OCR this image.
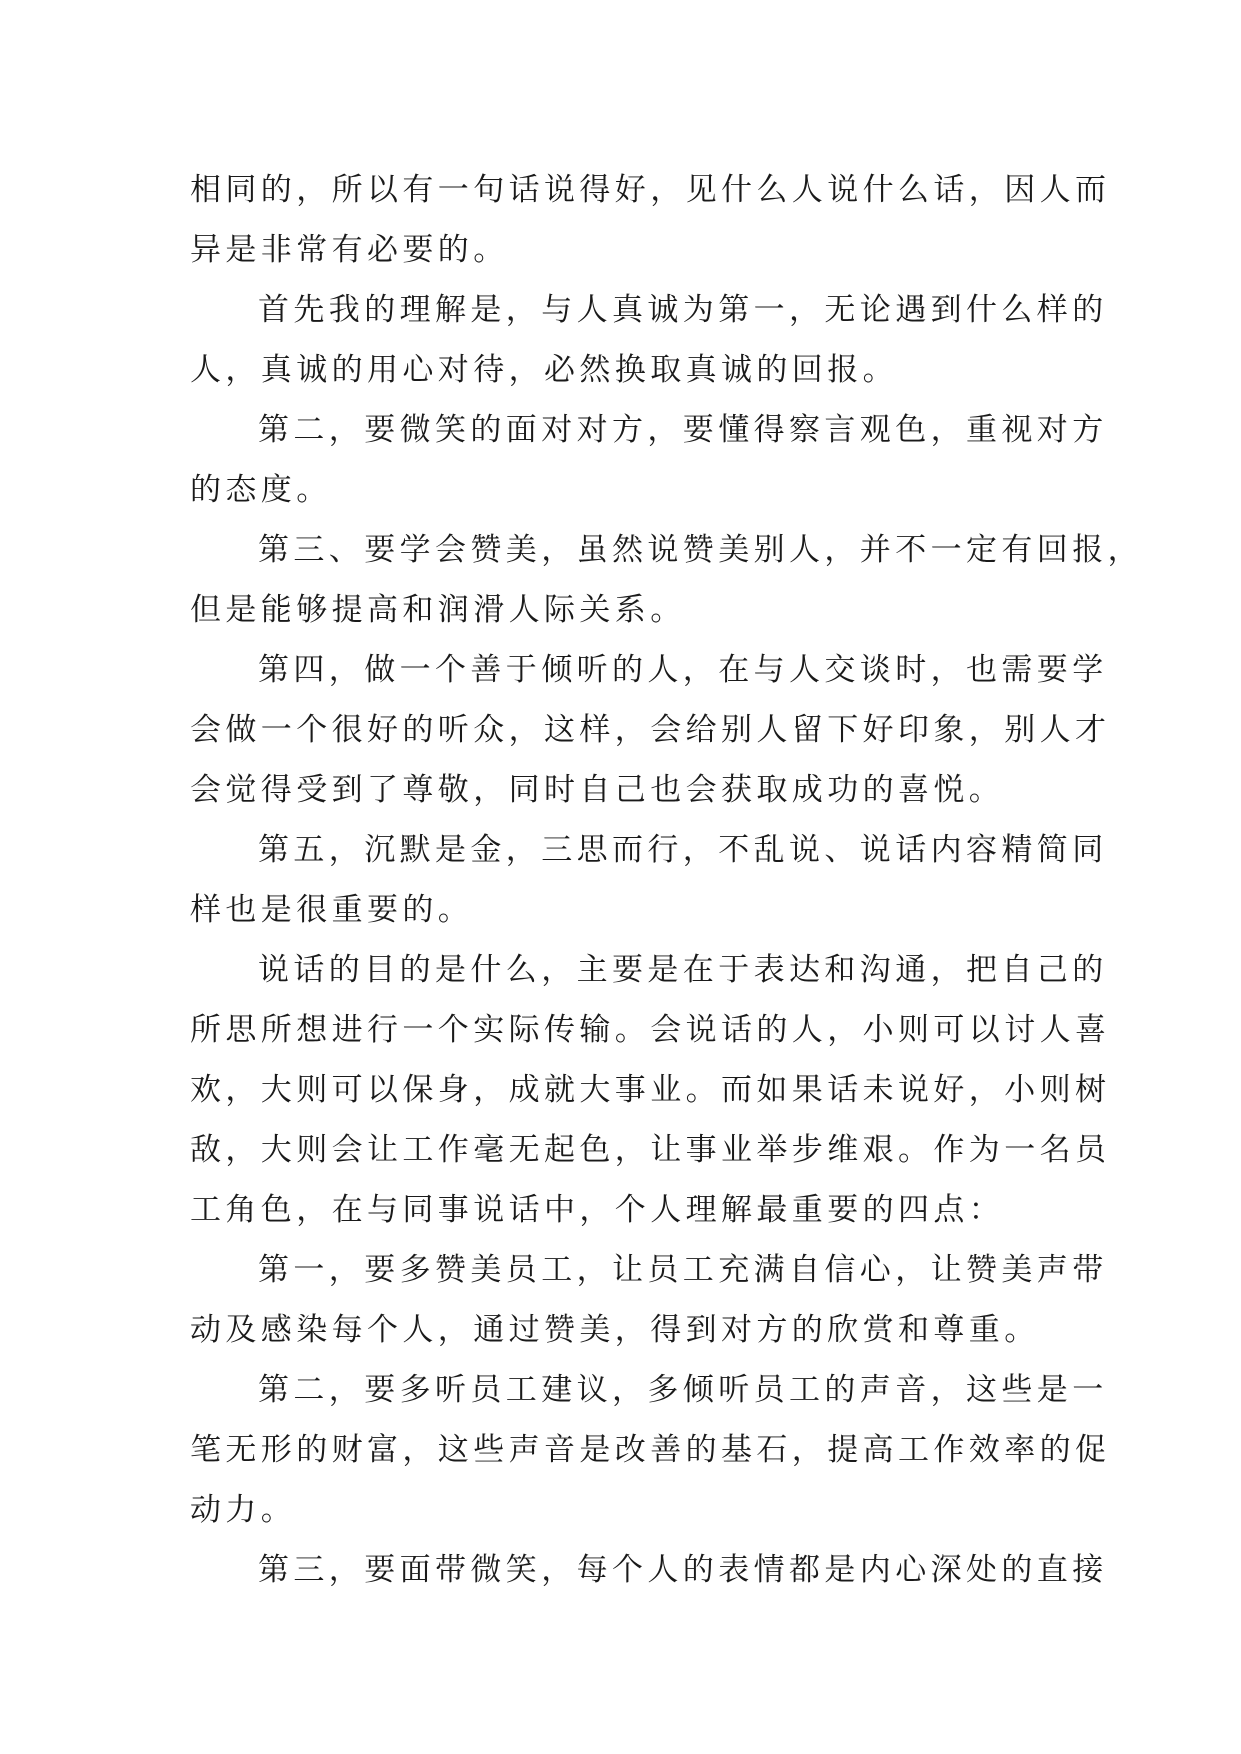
相同的，所以有一句话说得好，见什么人说什么话，因人而
异是非常有必要的。
首先我的理解是，与人真诚为第一，无论遇到什么样的
人，真诚的用心对待，必然换取真诚的回报。
第二，要微笑的面对对方，要懂得察言观色，重视对方
的态度。
第三、要学会赞美，虽然说赞美别人，并不一定有回报，
但是能够提高和润滑人际关系。
第四，做一个善于倾听的人，在与人交谈时，也需要学
会做一个很好的听众，这样，会给别人留下好印象，别人才
会觉得受到了尊敬，同时自己也会获取成功的喜悦。
第五，沉默是金，三思而行，不乱说、说话内容精简同
样也是很重要的。
说话的目的是什么，主要是在于表达和沟通，把自己的
所思所想进行一个实际传输。会说话的人，小则可以讨人喜
欢，大则可以保身，成就大事业。而如果话未说好，小则树
敌，大则会让工作毫无起色，让事业举步维艰。作为一名员
工角色，在与同事说话中，个人理解最重要的四点：
第一，要多赞美员工，让员工充满自信心，让赞美声带
动及感染每个人，通过赞美，得到对方的欣赏和尊重。
第二，要多听员工建议，多倾听员工的声音，这些是一
笔无形的财富，这些声音是改善的基石，提高工作效率的促
动力。
第三，要面带微笑，每个人的表情都是内心深处的直接
